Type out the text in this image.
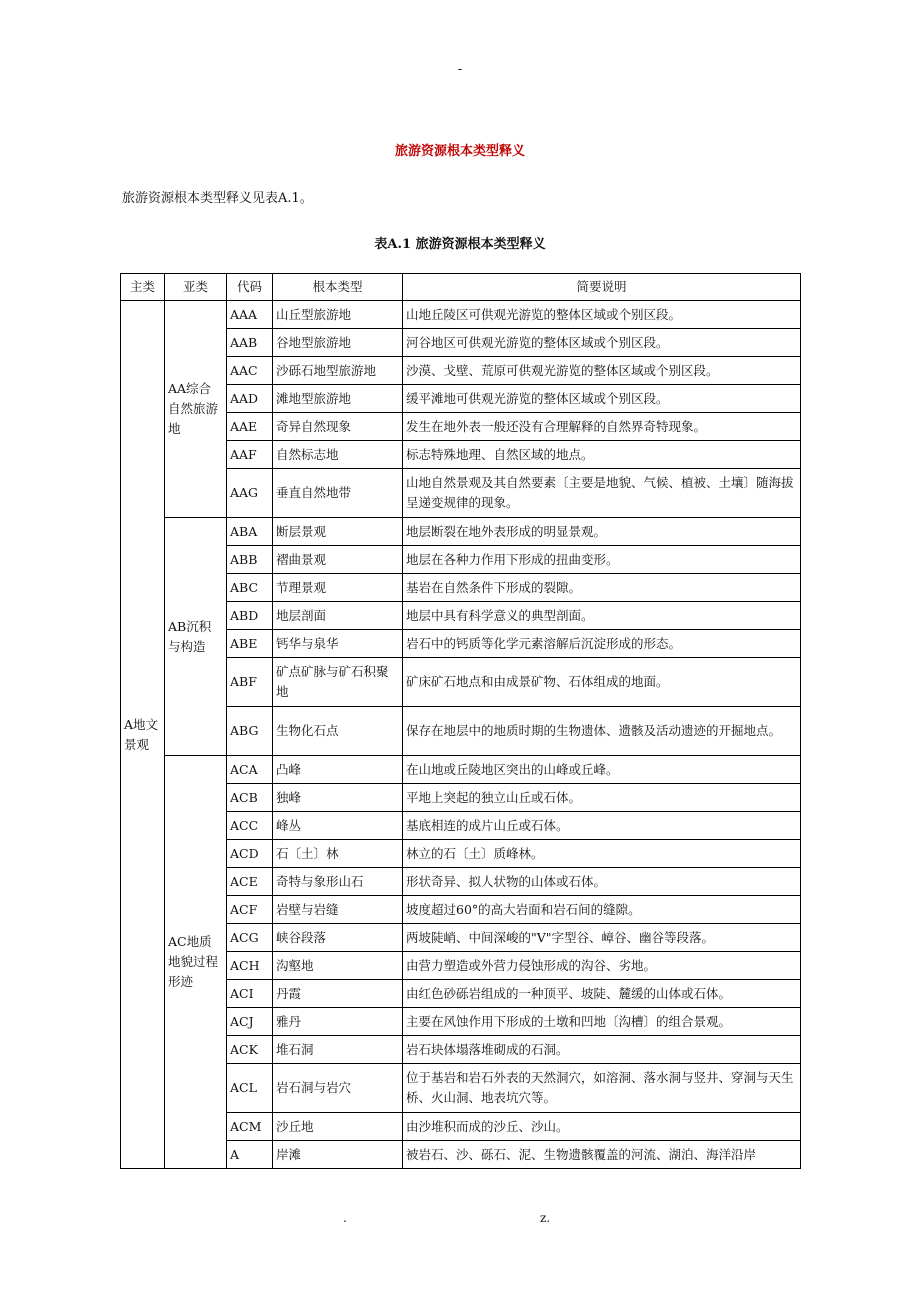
-
旅游资源根本类型释义
旅游资源根本类型释义见表A.1。
表A.1 旅游资源根本类型释义
主类	亚类	代码	根本类型	简要说明
A地文景观	AA综合自然旅游地	AAA	山丘型旅游地	山地丘陵区可供观光游览的整体区域或个别区段。
		AAB	谷地型旅游地	河谷地区可供观光游览的整体区域或个别区段。
		AAC	沙砾石地型旅游地	沙漠、戈壁、荒原可供观光游览的整体区域或个别区段。
		AAD	滩地型旅游地	缓平滩地可供观光游览的整体区域或个别区段。
		AAE	奇异自然现象	发生在地外表一般还没有合理解释的自然界奇特现象。
		AAF	自然标志地	标志特殊地理、自然区域的地点。
		AAG	垂直自然地带	山地自然景观及其自然要素〔主要是地貌、气候、植被、土壤〕随海拔呈递变规律的现象。
	AB沉积与构造	ABA	断层景观	地层断裂在地外表形成的明显景观。
		ABB	褶曲景观	地层在各种力作用下形成的扭曲变形。
		ABC	节理景观	基岩在自然条件下形成的裂隙。
		ABD	地层剖面	地层中具有科学意义的典型剖面。
		ABE	钙华与泉华	岩石中的钙质等化学元素溶解后沉淀形成的形态。
		ABF	矿点矿脉与矿石积聚地	矿床矿石地点和由成景矿物、石体组成的地面。
		ABG	生物化石点	保存在地层中的地质时期的生物遗体、遗骸及活动遗迹的开掘地点。
	AC地质地貌过程形迹	ACA	凸峰	在山地或丘陵地区突出的山峰或丘峰。
		ACB	独峰	平地上突起的独立山丘或石体。
		ACC	峰丛	基底相连的成片山丘或石体。
		ACD	石〔土〕林	林立的石〔土〕质峰林。
		ACE	奇特与象形山石	形状奇异、拟人状物的山体或石体。
		ACF	岩壁与岩缝	坡度超过60°的高大岩面和岩石间的缝隙。
		ACG	峡谷段落	两坡陡峭、中间深峻的"V"字型谷、嶂谷、幽谷等段落。
		ACH	沟壑地	由营力塑造或外营力侵蚀形成的沟谷、劣地。
		ACI	丹霞	由红色砂砾岩组成的一种顶平、坡陡、麓缓的山体或石体。
		ACJ	雅丹	主要在风蚀作用下形成的土墩和凹地〔沟槽〕的组合景观。
		ACK	堆石洞	岩石块体塌落堆砌成的石洞。
		ACL	岩石洞与岩穴	位于基岩和岩石外表的天然洞穴，如溶洞、落水洞与竖井、穿洞与天生桥、火山洞、地表坑穴等。
		ACM	沙丘地	由沙堆积而成的沙丘、沙山。
		A	岸滩	被岩石、沙、砾石、泥、生物遗骸覆盖的河流、湖泊、海洋沿岸
.	z.
